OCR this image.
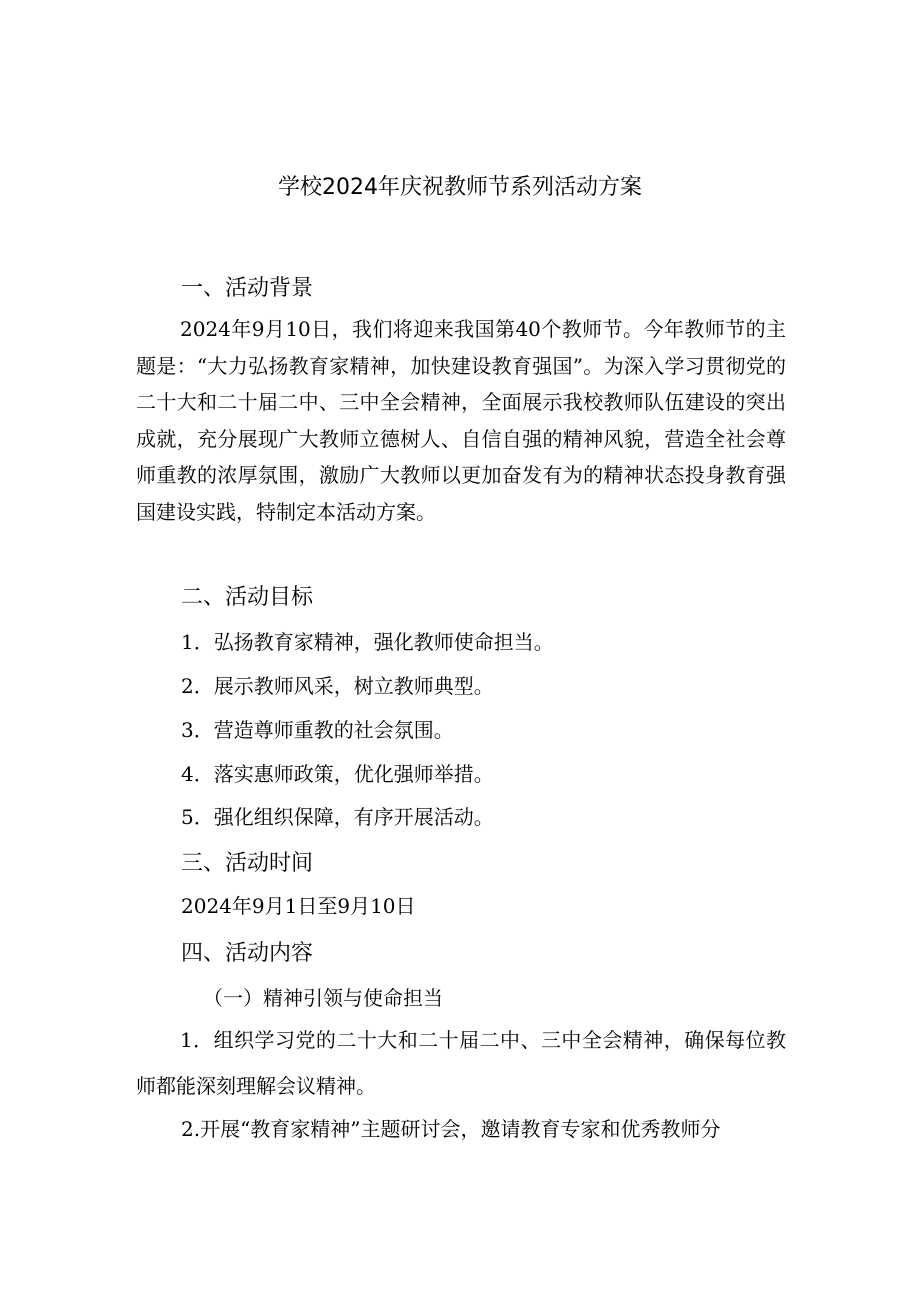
学校2024年庆祝教师节系列活动方案
一、活动背景

2024年9月10日，我们将迎来我国第40个教师节。今年教师节的主题是：“大力弘扬教育家精神，加快建设教育强国”。为深入学习贯彻党的二十大和二十届二中、三中全会精神，全面展示我校教师队伍建设的突出成就，充分展现广大教师立德树人、自信自强的精神风貌，营造全社会尊师重教的浓厚氛围，激励广大教师以更加奋发有为的精神状态投身教育强国建设实践，特制定本活动方案。

二、活动目标
1．弘扬教育家精神，强化教师使命担当。
2．展示教师风采，树立教师典型。
3．营造尊师重教的社会氛围。
4．落实惠师政策，优化强师举措。
5．强化组织保障，有序开展活动。
三、活动时间
2024年9月1日至9月10日
四、活动内容
（一）精神引领与使命担当

1．组织学习党的二十大和二十届二中、三中全会精神，确保每位教师都能深刻理解会议精神。

2.开展“教育家精神”主题研讨会，邀请教育专家和优秀教师分
